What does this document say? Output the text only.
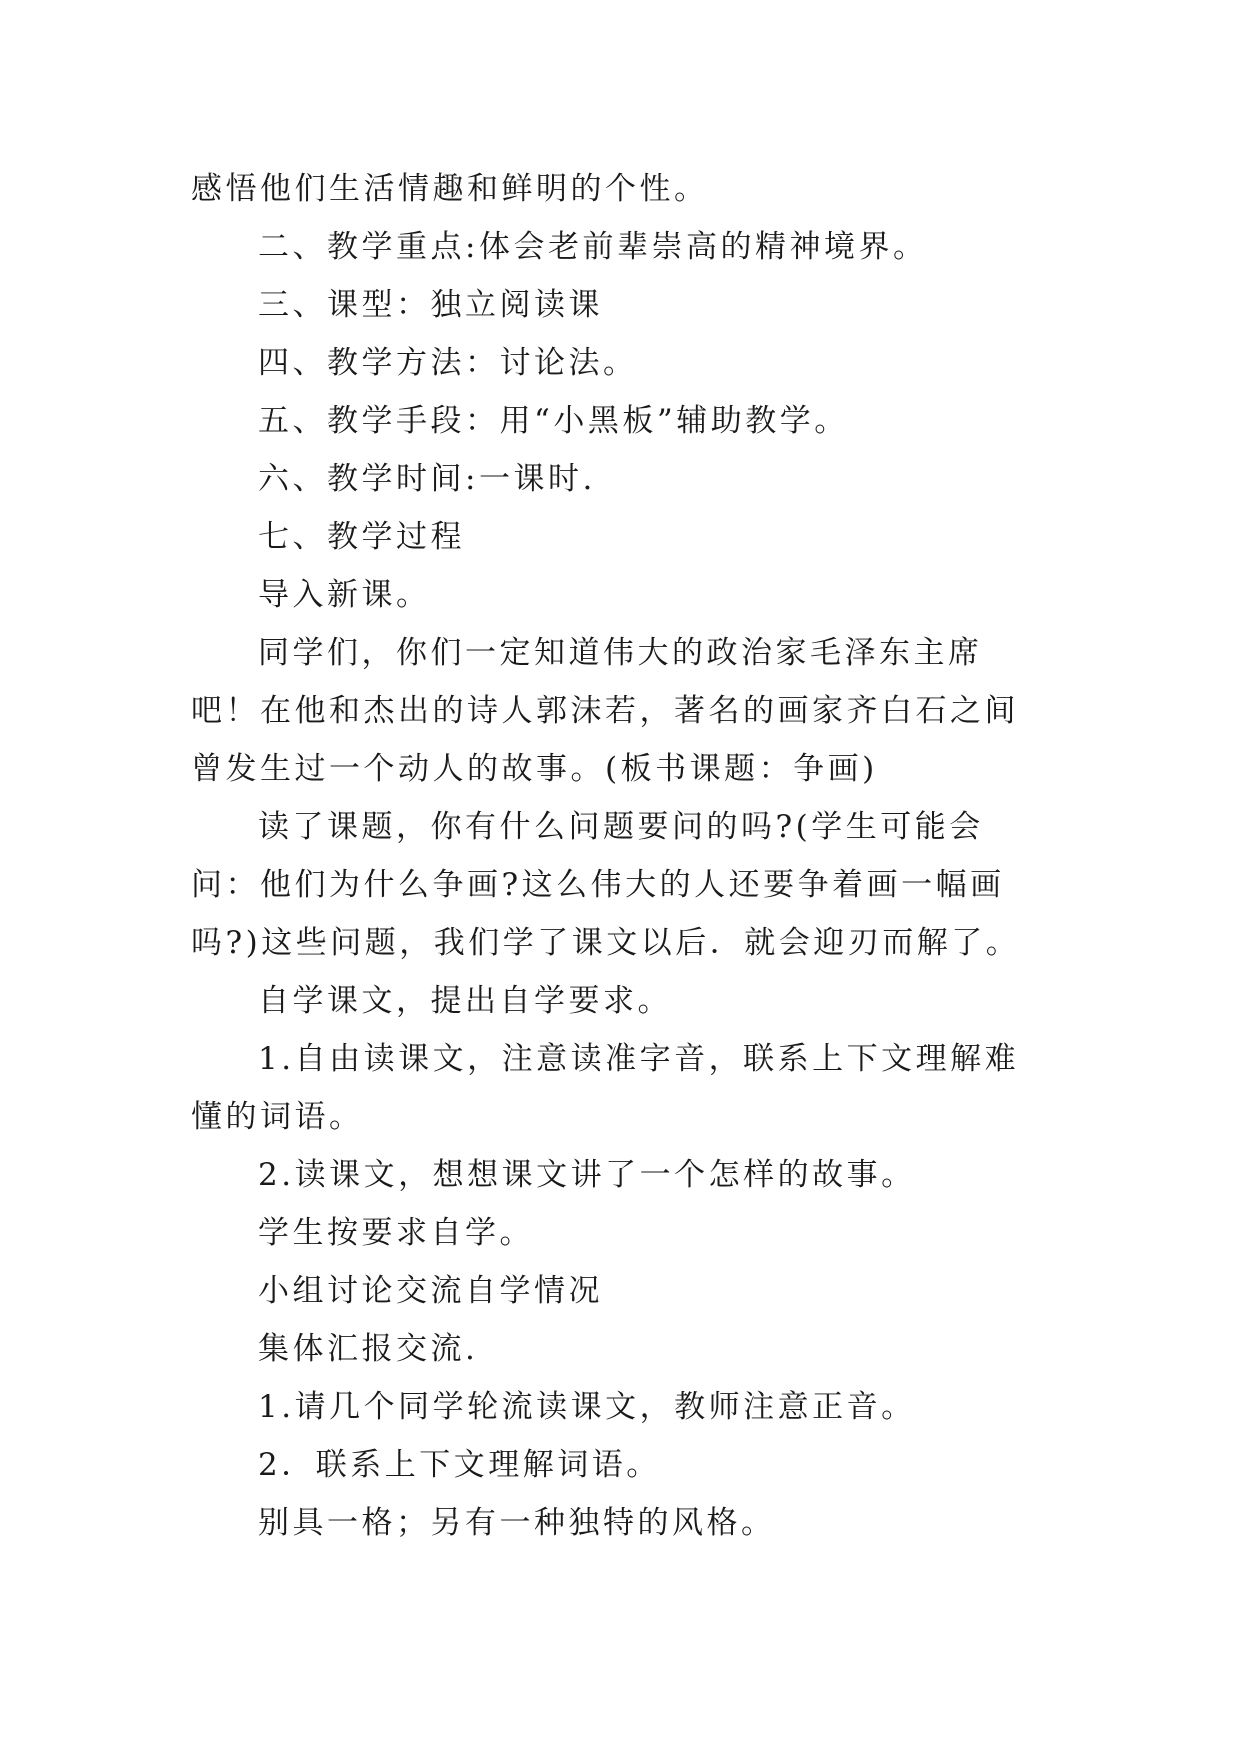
感悟他们生活情趣和鲜明的个性。

二、教学重点:体会老前辈崇高的精神境界。

三、课型：独立阅读课

四、教学方法：讨论法。

五、教学手段：用“小黑板”辅助教学。

六、教学时间:一课时.

七、教学过程

导入新课。

同学们，你们一定知道伟大的政治家毛泽东主席吧！在他和杰出的诗人郭沫若，著名的画家齐白石之间曾发生过一个动人的故事。(板书课题：争画)

读了课题，你有什么问题要问的吗?(学生可能会问：他们为什么争画?这么伟大的人还要争着画一幅画吗?)这些问题，我们学了课文以后．就会迎刃而解了。

自学课文，提出自学要求。

1.自由读课文，注意读准字音，联系上下文理解难懂的词语。

2.读课文，想想课文讲了一个怎样的故事。

学生按要求自学。

小组讨论交流自学情况

集体汇报交流.

1.请几个同学轮流读课文，教师注意正音。

2．联系上下文理解词语。

别具一格；另有一种独特的风格。
